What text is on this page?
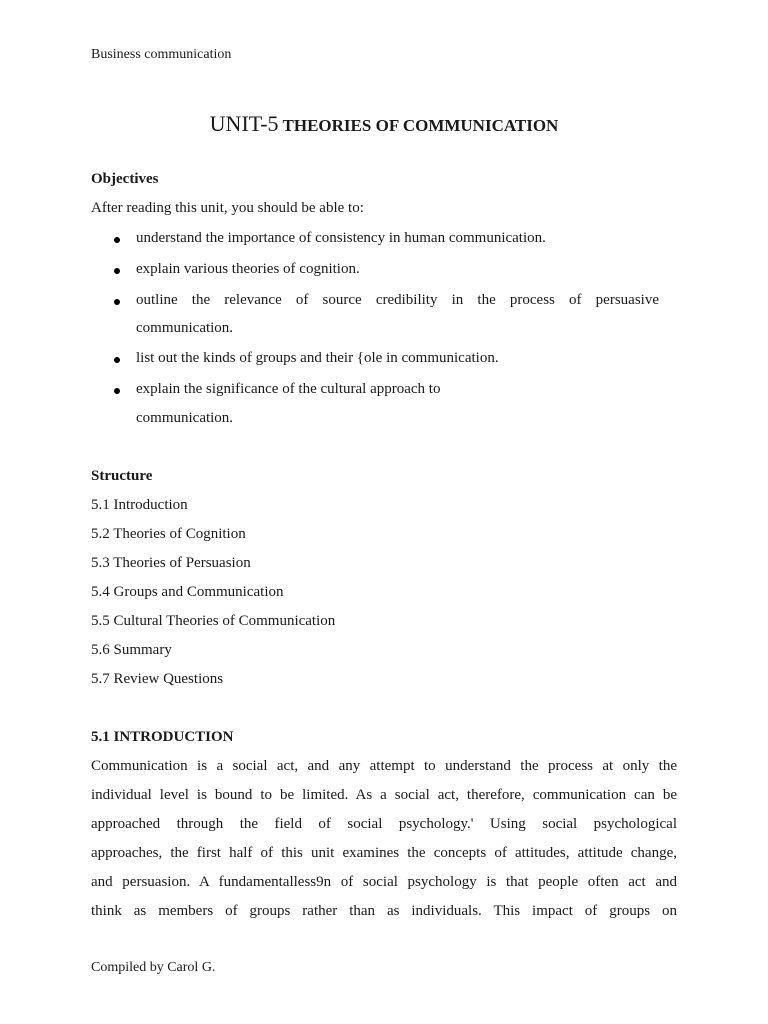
Business communication
UNIT-5 THEORIES OF COMMUNICATION
Objectives
After reading this unit, you should be able to:
understand the importance of consistency in human communication.
explain various theories of cognition.
outline the relevance of source credibility in the process of persuasive
communication.
list out the kinds of groups and their {ole in communication.
explain the significance of the cultural approach to
communication.
Structure
5.1 Introduction
5.2 Theories of Cognition
5.3 Theories of Persuasion
5.4 Groups and Communication
5.5 Cultural Theories of Communication
5.6 Summary
5.7 Review Questions
5.1 INTRODUCTION
Communication is a social act, and any attempt to understand the process at only the
individual level is bound to be limited. As a social act, therefore, communication can be
approached through the field of social psychology.' Using social psychological
approaches, the first half of this unit examines the concepts of attitudes, attitude change,
and persuasion. A fundamentalless9n of social psychology is that people often act and
think as members of groups rather than as individuals. This impact of groups on
Compiled by Carol G.
